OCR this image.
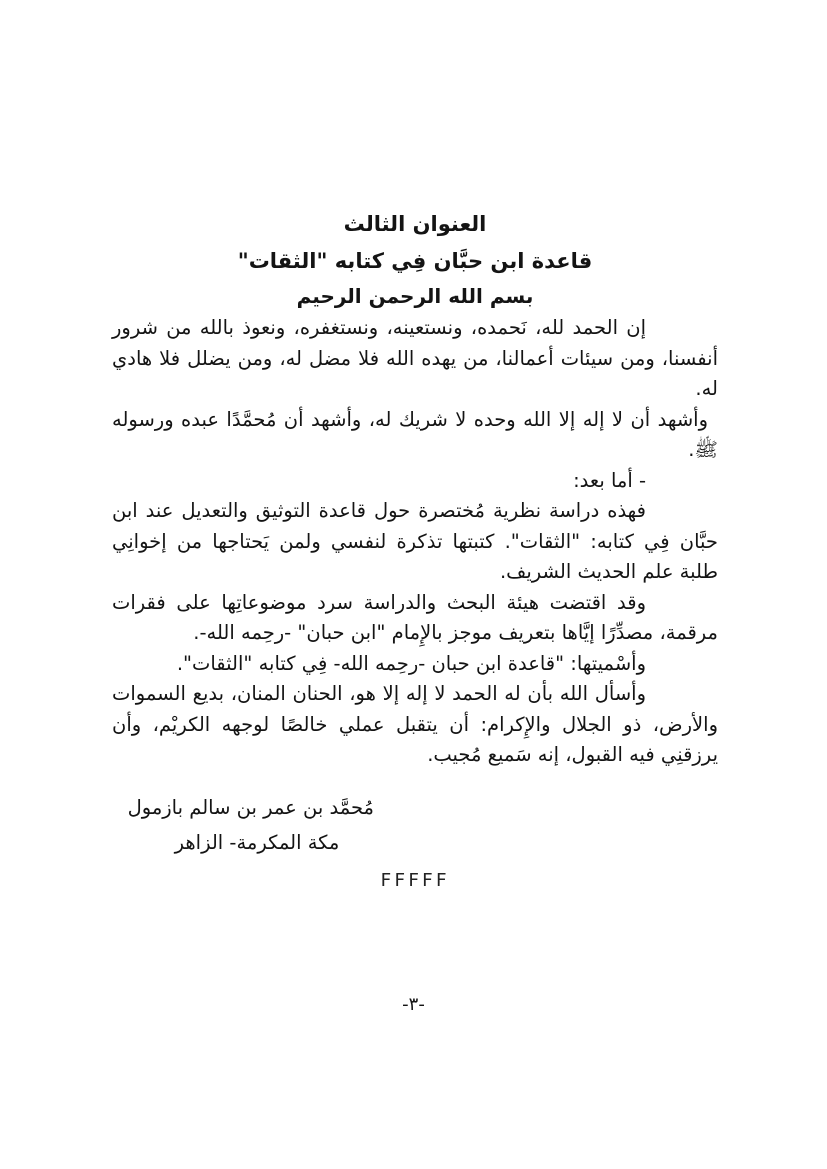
العنوان الثالث
قاعدة ابن حبَّان فِي كتابه "الثقات"
بسم الله الرحمن الرحيم

إن الحمد لله، نَحمده، ونستعينه، ونستغفره، ونعوذ بالله من شرور أنفسنا، ومن سيئات أعمالنا، من يهده الله فلا مضل له، ومن يضلل فلا هادي له.

وأشهد أن لا إله إلا الله وحده لا شريك له، وأشهد أن مُحمَّدًا عبده ورسوله ﷺ.

- أما بعد:

فهذه دراسة نظرية مُختصرة حول قاعدة التوثيق والتعديل عند ابن حبَّان فِي كتابه: "الثقات". كتبتها تذكرة لنفسي ولمن يَحتاجها من إخوانِي طلبة علم الحديث الشريف.

وقد اقتضت هيئة البحث والدراسة سرد موضوعاتِها على فقرات مرقمة، مصدِّرًا إيَّاها بتعريف موجز بالإِمام "ابن حبان" -رحِمه الله-.

وأسْميتها: "قاعدة ابن حبان -رحِمه الله- فِي كتابه "الثقات".

وأسأل الله بأن له الحمد لا إله إلا هو، الحنان المنان، بديع السموات والأرض، ذو الجلال والإِكرام: أن يتقبل عملي خالصًا لوجهه الكريْم، وأن يرزقنِي فيه القبول، إنه سَميع مُجيب.

مُحمَّد بن عمر بن سالم بازمول
مكة المكرمة- الزاهر
FFFFF
-٣-
